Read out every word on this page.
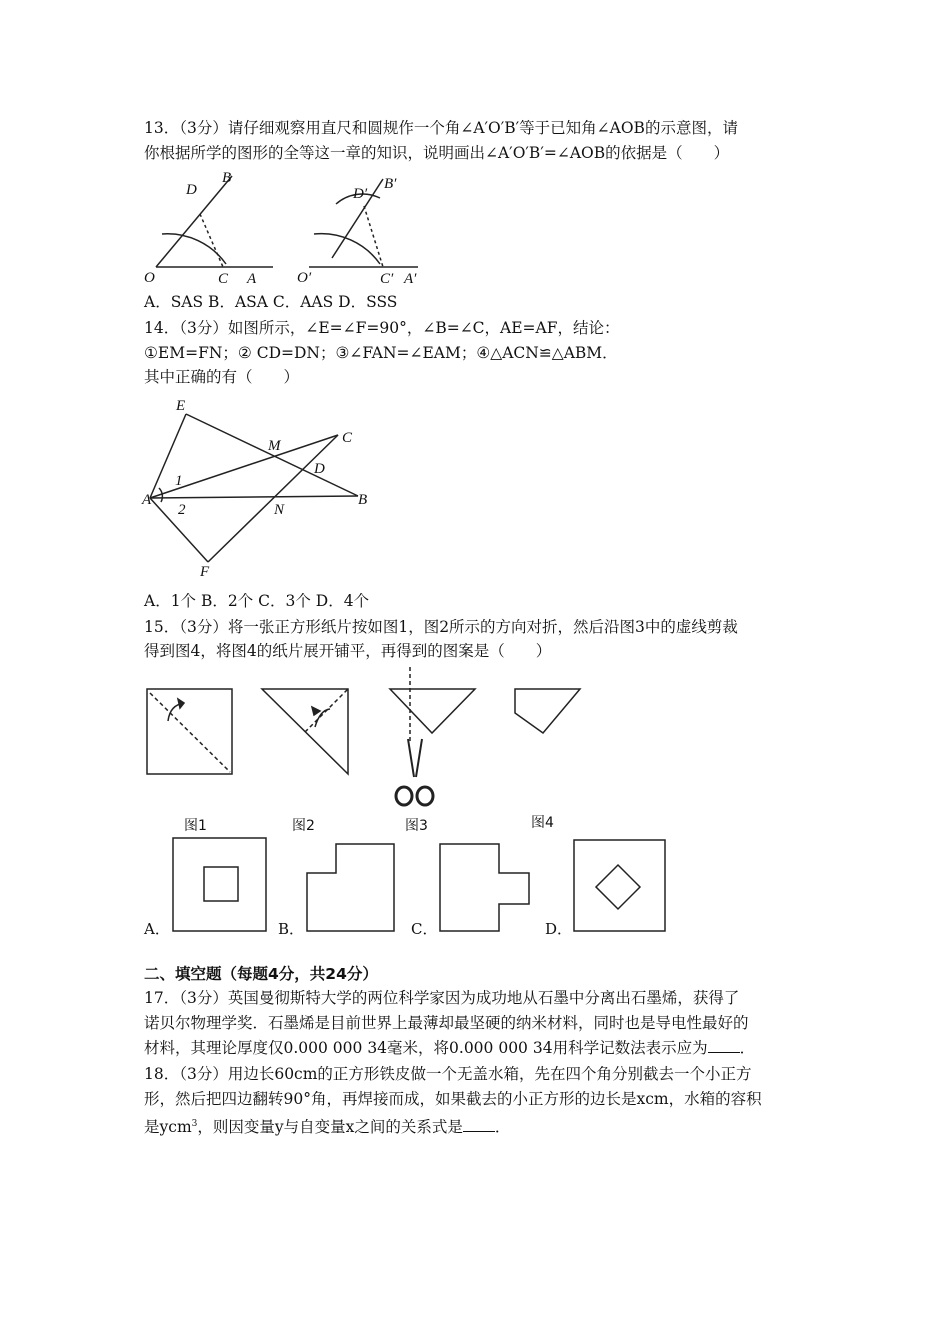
13．（3分）请仔细观察用直尺和圆规作一个角∠A′O′B′等于已知角∠AOB的示意图，请
你根据所学的图形的全等这一章的知识，说明画出∠A′O′B′=∠AOB的依据是（　　）
D
B
O	C A
D′
B′
O′	C′ A′
A．SAS B．ASA C．AAS D．SSS
14．（3分）如图所示，∠E=∠F=90°，∠B=∠C，AE=AF，结论：
①EM=FN；② CD=DN；③∠FAN=∠EAM；④△ACN≌△ABM．
其中正确的有（　　）
E
M	C
D
A
1
2	N
B
F
A．1个 B．2个 C．3个 D．4个
15．（3分）将一张正方形纸片按如图1，图2所示的方向对折，然后沿图3中的虚线剪裁
得到图4，将图4的纸片展开铺平，再得到的图案是（　　）
图1	图2	图3	图4
A．	B．	C．	D．
二、填空题（每题4分，共24分）
17．（3分）英国曼彻斯特大学的两位科学家因为成功地从石墨中分离出石墨烯，获得了
诺贝尔物理学奖．石墨烯是目前世界上最薄却最坚硬的纳米材料，同时也是导电性最好的
材料，其理论厚度仅0.000 000 34毫米，将0.000 000 34用科学记数法表示应为 ．
18．（3分）用边长60cm的正方形铁皮做一个无盖水箱，先在四个角分别截去一个小正方
形，然后把四边翻转90°角，再焊接而成，如果截去的小正方形的边长是xcm，水箱的容积
是ycm$^3$，则因变量y与自变量x之间的关系式是 ．
